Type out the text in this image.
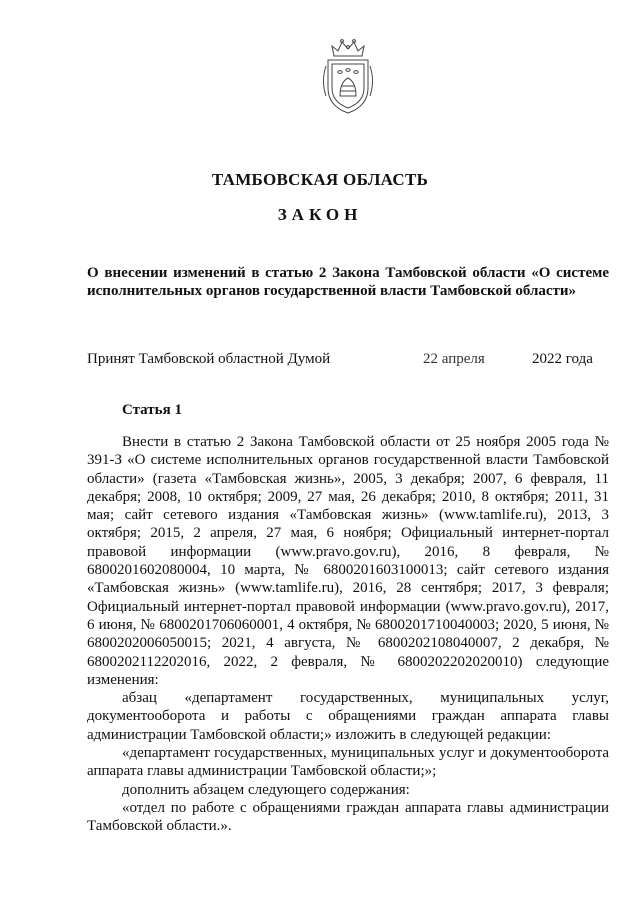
ТАМБОВСКАЯ ОБЛАСТЬ
ЗАКОН

О внесении изменений в статью 2 Закона Тамбовской области «О системе исполнительных органов государственной власти Тамбовской области»

Принят Тамбовской областной Думой	22 апреля	2022 года
Статья 1

Внести в статью 2 Закона Тамбовской области от 25 ноября 2005 года № 391-З «О системе исполнительных органов государственной власти Тамбовской области» (газета «Тамбовская жизнь», 2005, 3 декабря; 2007, 6 февраля, 11 декабря; 2008, 10 октября; 2009, 27 мая, 26 декабря; 2010, 8 октября; 2011, 31 мая; сайт сетевого издания «Тамбовская жизнь» (www.tamlife.ru), 2013, 3 октября; 2015, 2 апреля, 27 мая, 6 ноября; Официальный интернет-портал правовой информации (www.pravo.gov.ru), 2016, 8 февраля, № 6800201602080004, 10 марта, № 6800201603100013; сайт сетевого издания «Тамбовская жизнь» (www.tamlife.ru), 2016, 28 сентября; 2017, 3 февраля; Официальный интернет-портал правовой информации (www.pravo.gov.ru), 2017, 6 июня, № 6800201706060001, 4 октября, № 6800201710040003; 2020, 5 июня, № 6800202006050015; 2021, 4 августа, № 6800202108040007, 2 декабря, № 6800202112202016, 2022, 2 февраля, № 6800202202020010) следующие изменения:

абзац «департамент государственных, муниципальных услуг, документооборота и работы с обращениями граждан аппарата главы администрации Тамбовской области;» изложить в следующей редакции:

«департамент государственных, муниципальных услуг и документооборота аппарата главы администрации Тамбовской области;»;

дополнить абзацем следующего содержания:

«отдел по работе с обращениями граждан аппарата главы администрации Тамбовской области.».
